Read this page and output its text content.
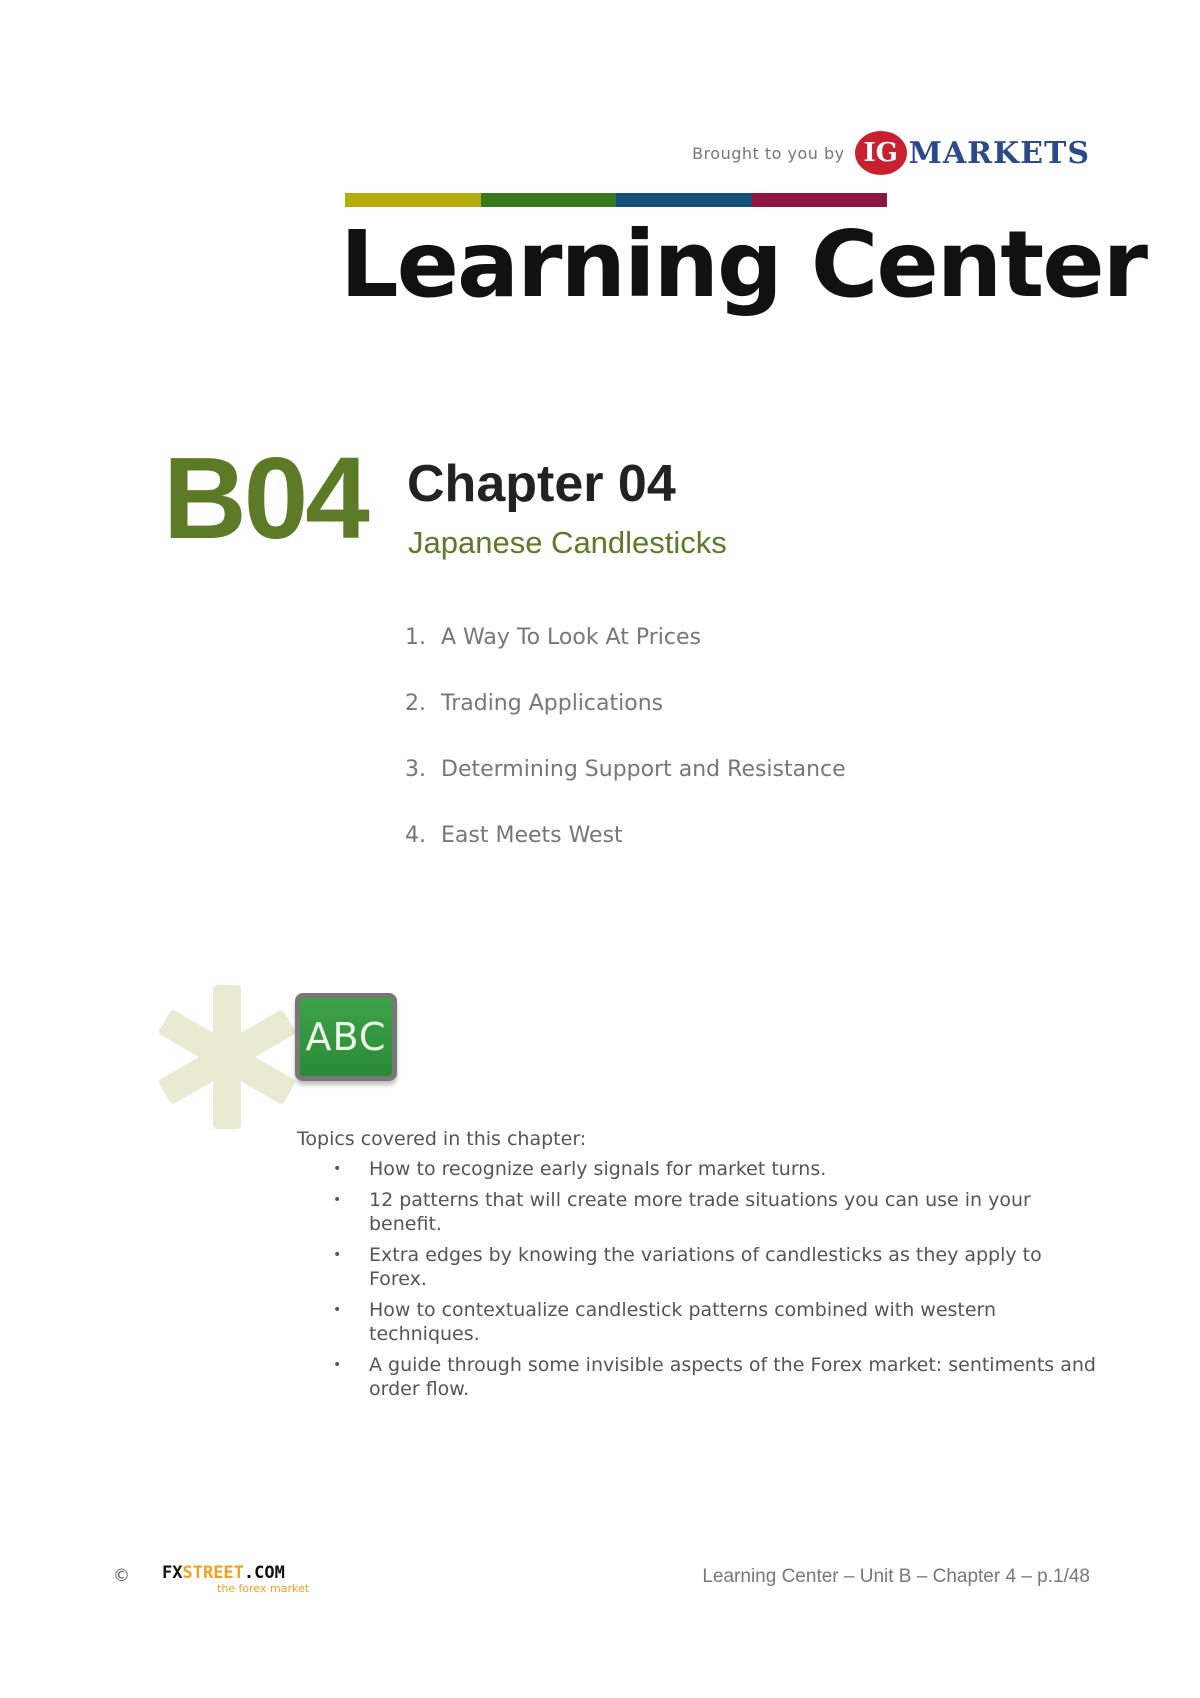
Brought to you by IG MARKETS
Learning Center
B04 Chapter 04
Japanese Candlesticks
1. A Way To Look At Prices
2. Trading Applications
3. Determining Support and Resistance
4. East Meets West
ABC

Topics covered in this chapter:

• How to recognize early signals for market turns.
• 12 patterns that will create more trade situations you can use in your benefit.
• Extra edges by knowing the variations of candlesticks as they apply to Forex.
• How to contextualize candlestick patterns combined with western techniques.
• A guide through some invisible aspects of the Forex market: sentiments and order flow.
© FXSTREET.COM
the forex market
Learning Center – Unit B – Chapter 4 – p.1/48
